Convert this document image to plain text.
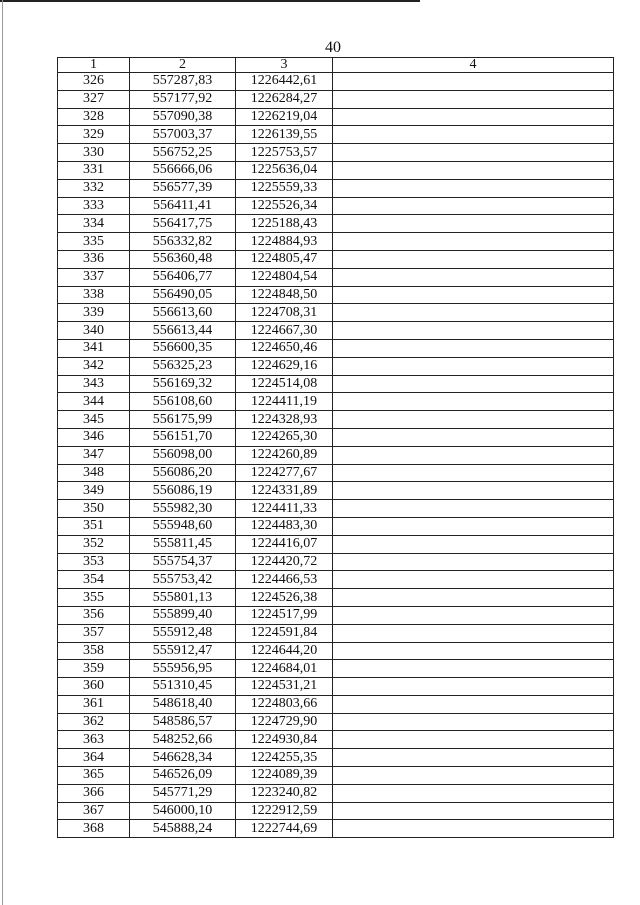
40
1	2	3	4
326	557287,83	1226442,61	
327	557177,92	1226284,27	
328	557090,38	1226219,04	
329	557003,37	1226139,55	
330	556752,25	1225753,57	
331	556666,06	1225636,04	
332	556577,39	1225559,33	
333	556411,41	1225526,34	
334	556417,75	1225188,43	
335	556332,82	1224884,93	
336	556360,48	1224805,47	
337	556406,77	1224804,54	
338	556490,05	1224848,50	
339	556613,60	1224708,31	
340	556613,44	1224667,30	
341	556600,35	1224650,46	
342	556325,23	1224629,16	
343	556169,32	1224514,08	
344	556108,60	1224411,19	
345	556175,99	1224328,93	
346	556151,70	1224265,30	
347	556098,00	1224260,89	
348	556086,20	1224277,67	
349	556086,19	1224331,89	
350	555982,30	1224411,33	
351	555948,60	1224483,30	
352	555811,45	1224416,07	
353	555754,37	1224420,72	
354	555753,42	1224466,53	
355	555801,13	1224526,38	
356	555899,40	1224517,99	
357	555912,48	1224591,84	
358	555912,47	1224644,20	
359	555956,95	1224684,01	
360	551310,45	1224531,21	
361	548618,40	1224803,66	
362	548586,57	1224729,90	
363	548252,66	1224930,84	
364	546628,34	1224255,35	
365	546526,09	1224089,39	
366	545771,29	1223240,82	
367	546000,10	1222912,59	
368	545888,24	1222744,69	
